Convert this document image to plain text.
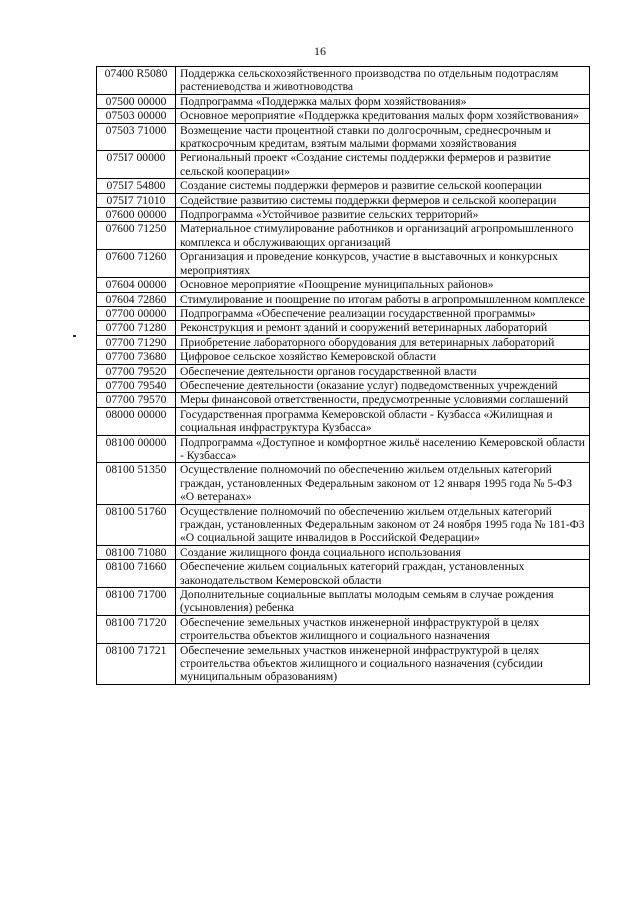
16
07400 R5080	Поддержка сельскохозяйственного производства по отдельным подотраслям растениеводства и животноводства
07500 00000	Подпрограмма «Поддержка малых форм хозяйствования»
07503 00000	Основное мероприятие «Поддержка кредитования малых форм хозяйствования»
07503 71000	Возмещение части процентной ставки по долгосрочным, среднесрочным и краткосрочным кредитам, взятым малыми формами хозяйствования
075I7 00000	Региональный проект «Создание системы поддержки фермеров и развитие сельской кооперации»
075I7 54800	Создание системы поддержки фермеров и развитие сельской кооперации
075I7 71010	Содействие развитию системы поддержки фермеров и сельской кооперации
07600 00000	Подпрограмма «Устойчивое развитие сельских территорий»
07600 71250	Материальное стимулирование работников и организаций агропромышленного комплекса и обслуживающих организаций
07600 71260	Организация и проведение конкурсов, участие в выставочных и конкурсных мероприятиях
07604 00000	Основное мероприятие «Поощрение муниципальных районов»
07604 72860	Стимулирование и поощрение по итогам работы в агропромышленном комплексе
07700 00000	Подпрограмма «Обеспечение реализации государственной программы»
07700 71280	Реконструкция и ремонт зданий и сооружений ветеринарных лабораторий
07700 71290	Приобретение лабораторного оборудования для ветеринарных лабораторий
07700 73680	Цифровое сельское хозяйство Кемеровской области
07700 79520	Обеспечение деятельности органов государственной власти
07700 79540	Обеспечение деятельности (оказание услуг) подведомственных учреждений
07700 79570	Меры финансовой ответственности, предусмотренные условиями соглашений
08000 00000	Государственная программа Кемеровской области - Кузбасса «Жилищная и социальная инфраструктура Кузбасса»
08100 00000	Подпрограмма «Доступное и комфортное жильё населению Кемеровской области - Кузбасса»
08100 51350	Осуществление полномочий по обеспечению жильем отдельных категорий граждан, установленных Федеральным законом от 12 января 1995 года № 5-ФЗ «О ветеранах»
08100 51760	Осуществление полномочий по обеспечению жильем отдельных категорий граждан, установленных Федеральным законом от 24 ноября 1995 года № 181-ФЗ «О социальной защите инвалидов в Российской Федерации»
08100 71080	Создание жилищного фонда социального использования
08100 71660	Обеспечение жильем социальных категорий граждан, установленных законодательством Кемеровской области
08100 71700	Дополнительные социальные выплаты молодым семьям в случае рождения (усыновления) ребенка
08100 71720	Обеспечение земельных участков инженерной инфраструктурой в целях строительства объектов жилищного и социального назначения
08100 71721	Обеспечение земельных участков инженерной инфраструктурой в целях строительства объектов жилищного и социального назначения (субсидии муниципальным образованиям)
